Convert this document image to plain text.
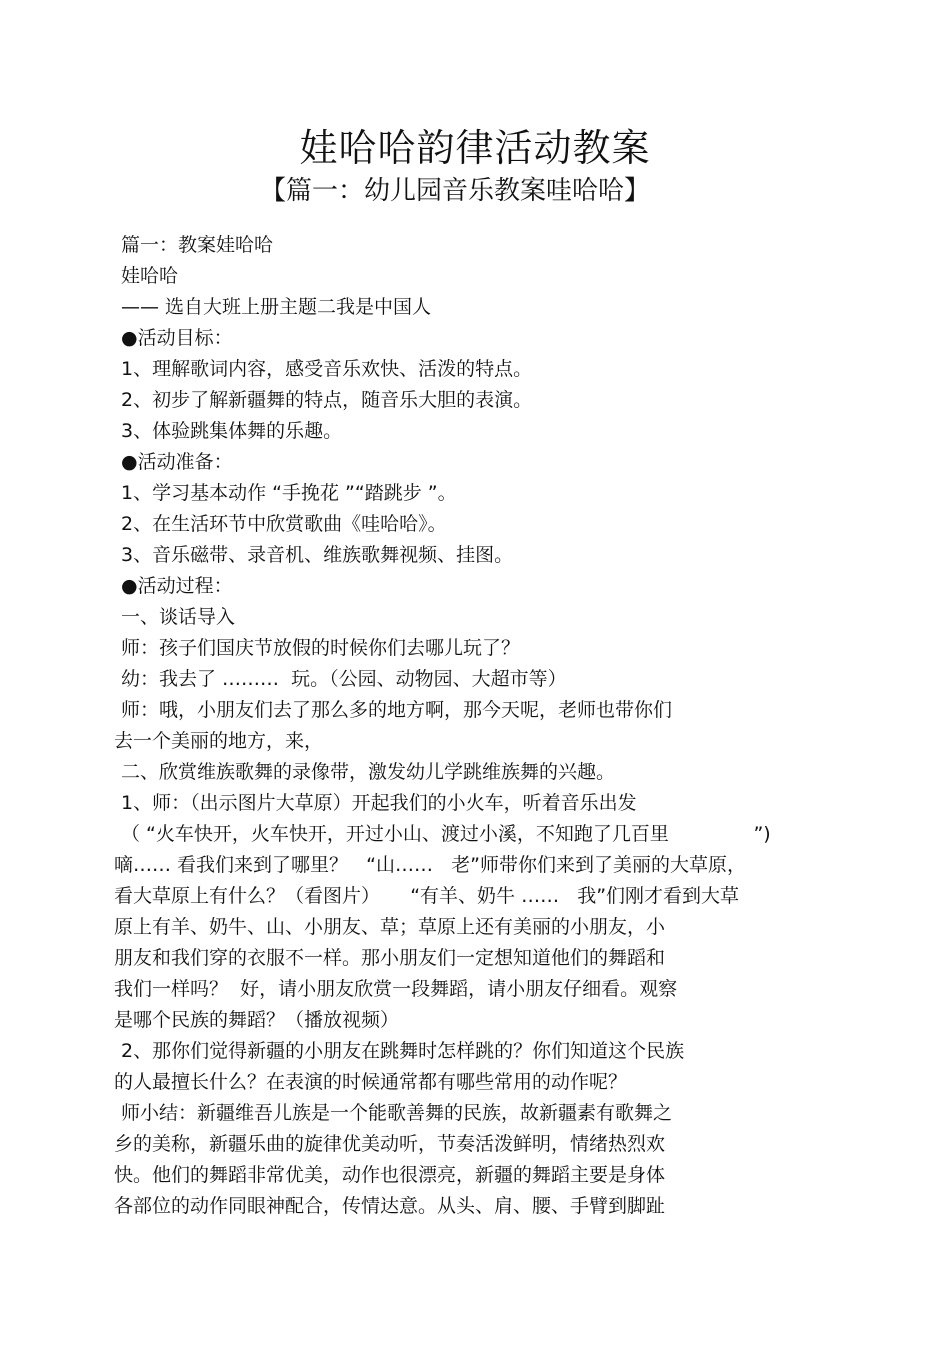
娃哈哈韵律活动教案
【篇一：幼儿园音乐教案哇哈哈】
篇一：教案娃哈哈
娃哈哈
—— 选自大班上册主题二我是中国人
●活动目标：
1、理解歌词内容，感受音乐欢快、活泼的特点。
2、初步了解新疆舞的特点，随音乐大胆的表演。
3、体验跳集体舞的乐趣。
●活动准备：
1、学习基本动作 “手挽花 ”“踏跳步 ”。
2、在生活环节中欣赏歌曲《哇哈哈》。
3、音乐磁带、录音机、维族歌舞视频、挂图。
●活动过程：
一、谈话导入
师：孩子们国庆节放假的时候你们去哪儿玩了？
幼：我去了 ………  玩。（公园、动物园、大超市等）
师：哦，小朋友们去了那么多的地方啊，那今天呢，老师也带你们
去一个美丽的地方，来，
二、欣赏维族歌舞的录像带，激发幼儿学跳维族舞的兴趣。
1、师：（出示图片大草原）开起我们的小火车，听着音乐出发
（ “火车快开，火车快开，开过小山、渡过小溪，不知跑了几百里              ”)
嘀…… 看我们来到了哪里？   “山……   老”师带你们来到了美丽的大草原，
看大草原上有什么？（看图片）     “有羊、奶牛 ……   我”们刚才看到大草
原上有羊、奶牛、山、小朋友、草；草原上还有美丽的小朋友，小
朋友和我们穿的衣服不一样。那小朋友们一定想知道他们的舞蹈和
我们一样吗？  好，请小朋友欣赏一段舞蹈，请小朋友仔细看。观察
是哪个民族的舞蹈？（播放视频）
2、那你们觉得新疆的小朋友在跳舞时怎样跳的？你们知道这个民族
的人最擅长什么？在表演的时候通常都有哪些常用的动作呢？
师小结：新疆维吾儿族是一个能歌善舞的民族，故新疆素有歌舞之
乡的美称，新疆乐曲的旋律优美动听，节奏活泼鲜明，情绪热烈欢
快。他们的舞蹈非常优美，动作也很漂亮，新疆的舞蹈主要是身体
各部位的动作同眼神配合，传情达意。从头、肩、腰、手臂到脚趾
